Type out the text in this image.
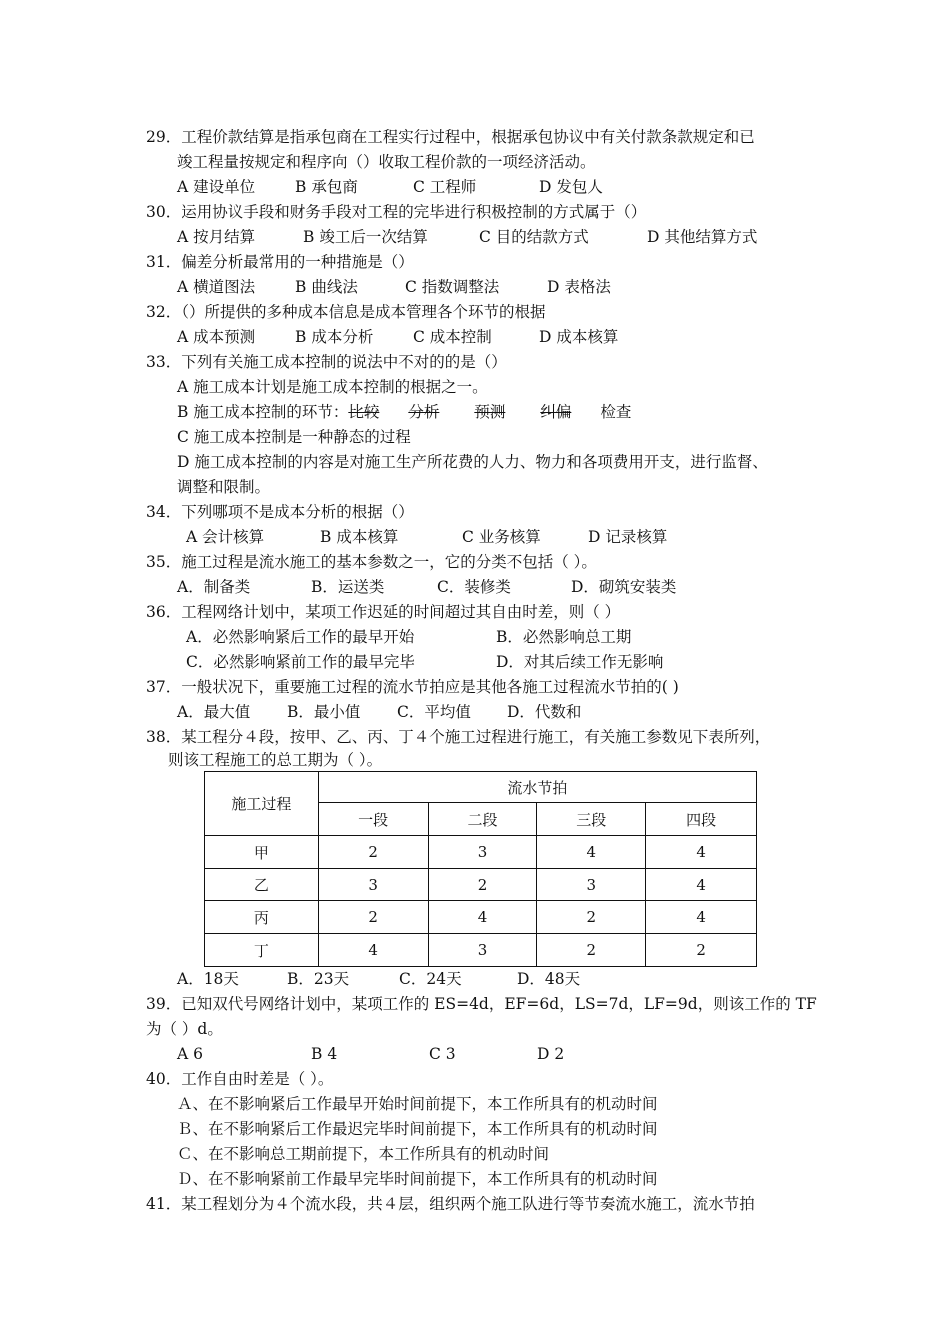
29．工程价款结算是指承包商在工程实行过程中，根据承包协议中有关付款条款规定和已
竣工程量按规定和程序向（）收取工程价款的一项经济活动。
A 建设单位	B 承包商	C 工程师	D 发包人
30．运用协议手段和财务手段对工程的完毕进行积极控制的方式属于（）
A 按月结算	B 竣工后一次结算	C 目的结款方式	D 其他结算方式
31．偏差分析最常用的一种措施是（）
A 横道图法	B 曲线法	C 指数调整法	D 表格法
32．（）所提供的多种成本信息是成本管理各个环节的根据
A 成本预测	B 成本分析	C 成本控制	D 成本核算
33．下列有关施工成本控制的说法中不对的的是（）
A 施工成本计划是施工成本控制的根据之一。
B 施工成本控制的环节：比较 分析 预测 纠偏 检查
C 施工成本控制是一种静态的过程
D 施工成本控制的内容是对施工生产所花费的人力、物力和各项费用开支，进行监督、
调整和限制。
34．下列哪项不是成本分析的根据（）
A 会计核算	B 成本核算	C 业务核算	D 记录核算
35．施工过程是流水施工的基本参数之一，它的分类不包括（ ）。
A．制备类	B．运送类	C．装修类	D．砌筑安装类
36．工程网络计划中，某项工作迟延的时间超过其自由时差，则（ ）
A．必然影响紧后工作的最早开始	B．必然影响总工期
C．必然影响紧前工作的最早完毕	D．对其后续工作无影响
37．一般状况下，重要施工过程的流水节拍应是其他各施工过程流水节拍的( )
A．最大值 B．最小值 C．平均值 D．代数和
38．某工程分４段，按甲、乙、丙、丁４个施工过程进行施工，有关施工参数见下表所列，
则该工程施工的总工期为（ ）。
施工过程	流水节拍			
	一段	二段	三段	四段
甲	2	3	4	4
乙	3	2	3	4
丙	2	4	2	4
丁	4	3	2	2
A．18天	B．23天	C．24天	D．48天
39．已知双代号网络计划中，某项工作的 ES=4d，EF=6d，LS=7d，LF=9d，则该工作的 TF
为（ ）d。
A 6	B 4	C 3	D 2
40．工作自由时差是（ ）。
Ａ、在不影响紧后工作最早开始时间前提下，本工作所具有的机动时间
Ｂ、在不影响紧后工作最迟完毕时间前提下，本工作所具有的机动时间
Ｃ、在不影响总工期前提下，本工作所具有的机动时间
Ｄ、在不影响紧前工作最早完毕时间前提下，本工作所具有的机动时间
41．某工程划分为４个流水段，共４层，组织两个施工队进行等节奏流水施工，流水节拍
